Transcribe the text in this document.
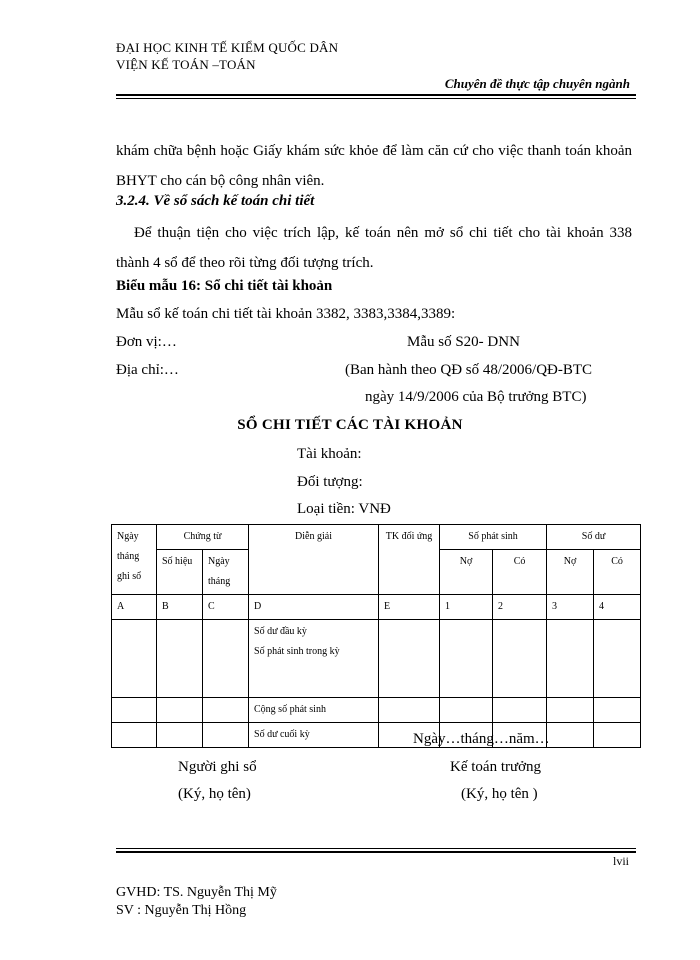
ĐẠI HỌC KINH TẾ KIỂM QUỐC DÂN
VIỆN KẾ TOÁN –TOÁN
Chuyên đề thực tập chuyên ngành
khám chữa bệnh hoặc Giấy khám sức khỏe để làm căn cứ cho việc thanh toán khoản BHYT cho cán bộ công nhân viên.
3.2.4. Về sổ sách kế toán chi tiết
Để thuận tiện cho việc trích lập, kế toán nên mở sổ chi tiết cho tài khoản 338 thành 4 sổ để theo rõi từng đối tượng trích.
Biểu mẫu 16: Sổ chi tiết tài khoản
Mẫu sổ kế toán chi tiết tài khoản 3382, 3383,3384,3389:
Đơn vị:…	Mẫu số S20- DNN
Địa chỉ:…	(Ban hành theo QĐ số 48/2006/QĐ-BTC
ngày 14/9/2006 của Bộ trưởng BTC)
SỔ CHI TIẾT CÁC TÀI KHOẢN
Tài khoản:
Đối tượng:
Loại tiền: VNĐ
Ngày tháng ghi sổ	Chứng từ		Diễn giải	TK đối ứng	Số phát sinh		Số dư	
	Số hiệu	Ngày tháng			Nợ	Có	Nợ	Có
A	B	C	D	E	1	2	3	4

			Số dư đầu kỳ
Số phát sinh trong kỳ					

			Cộng số phát sinh					
			Số dư cuối kỳ						Ngày…tháng…năm…
Người ghi sổ	Kế toán trưởng
(Ký, họ tên)	(Ký, họ tên )
lvii
GVHD: TS. Nguyễn Thị Mỹ
SV : Nguyễn Thị Hồng
